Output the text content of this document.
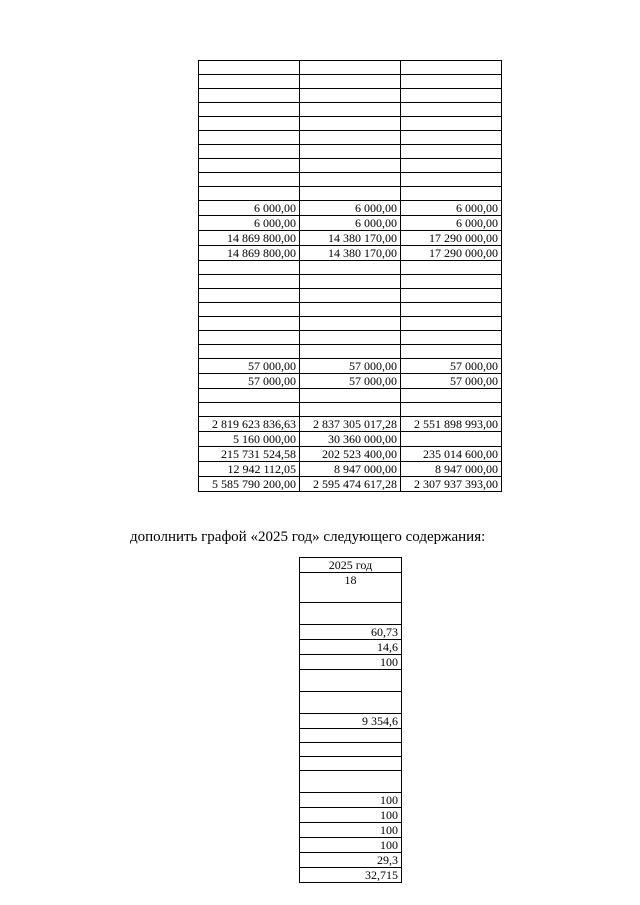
6 000,00	6 000,00	6 000,00
6 000,00	6 000,00	6 000,00
14 869 800,00	14 380 170,00	17 290 000,00
14 869 800,00	14 380 170,00	17 290 000,00

57 000,00	57 000,00	57 000,00
57 000,00	57 000,00	57 000,00

2 819 623 836,63	2 837 305 017,28	2 551 898 993,00
5 160 000,00	30 360 000,00	
215 731 524,58	202 523 400,00	235 014 600,00
12 942 112,05	8 947 000,00	8 947 000,00
5 585 790 200,00	2 595 474 617,28	2 307 937 393,00
дополнить графой «2025 год» следующего содержания:
2025 год
18

60,73
14,6
100

9 354,6

100
100
100
100
29,3
32,715
